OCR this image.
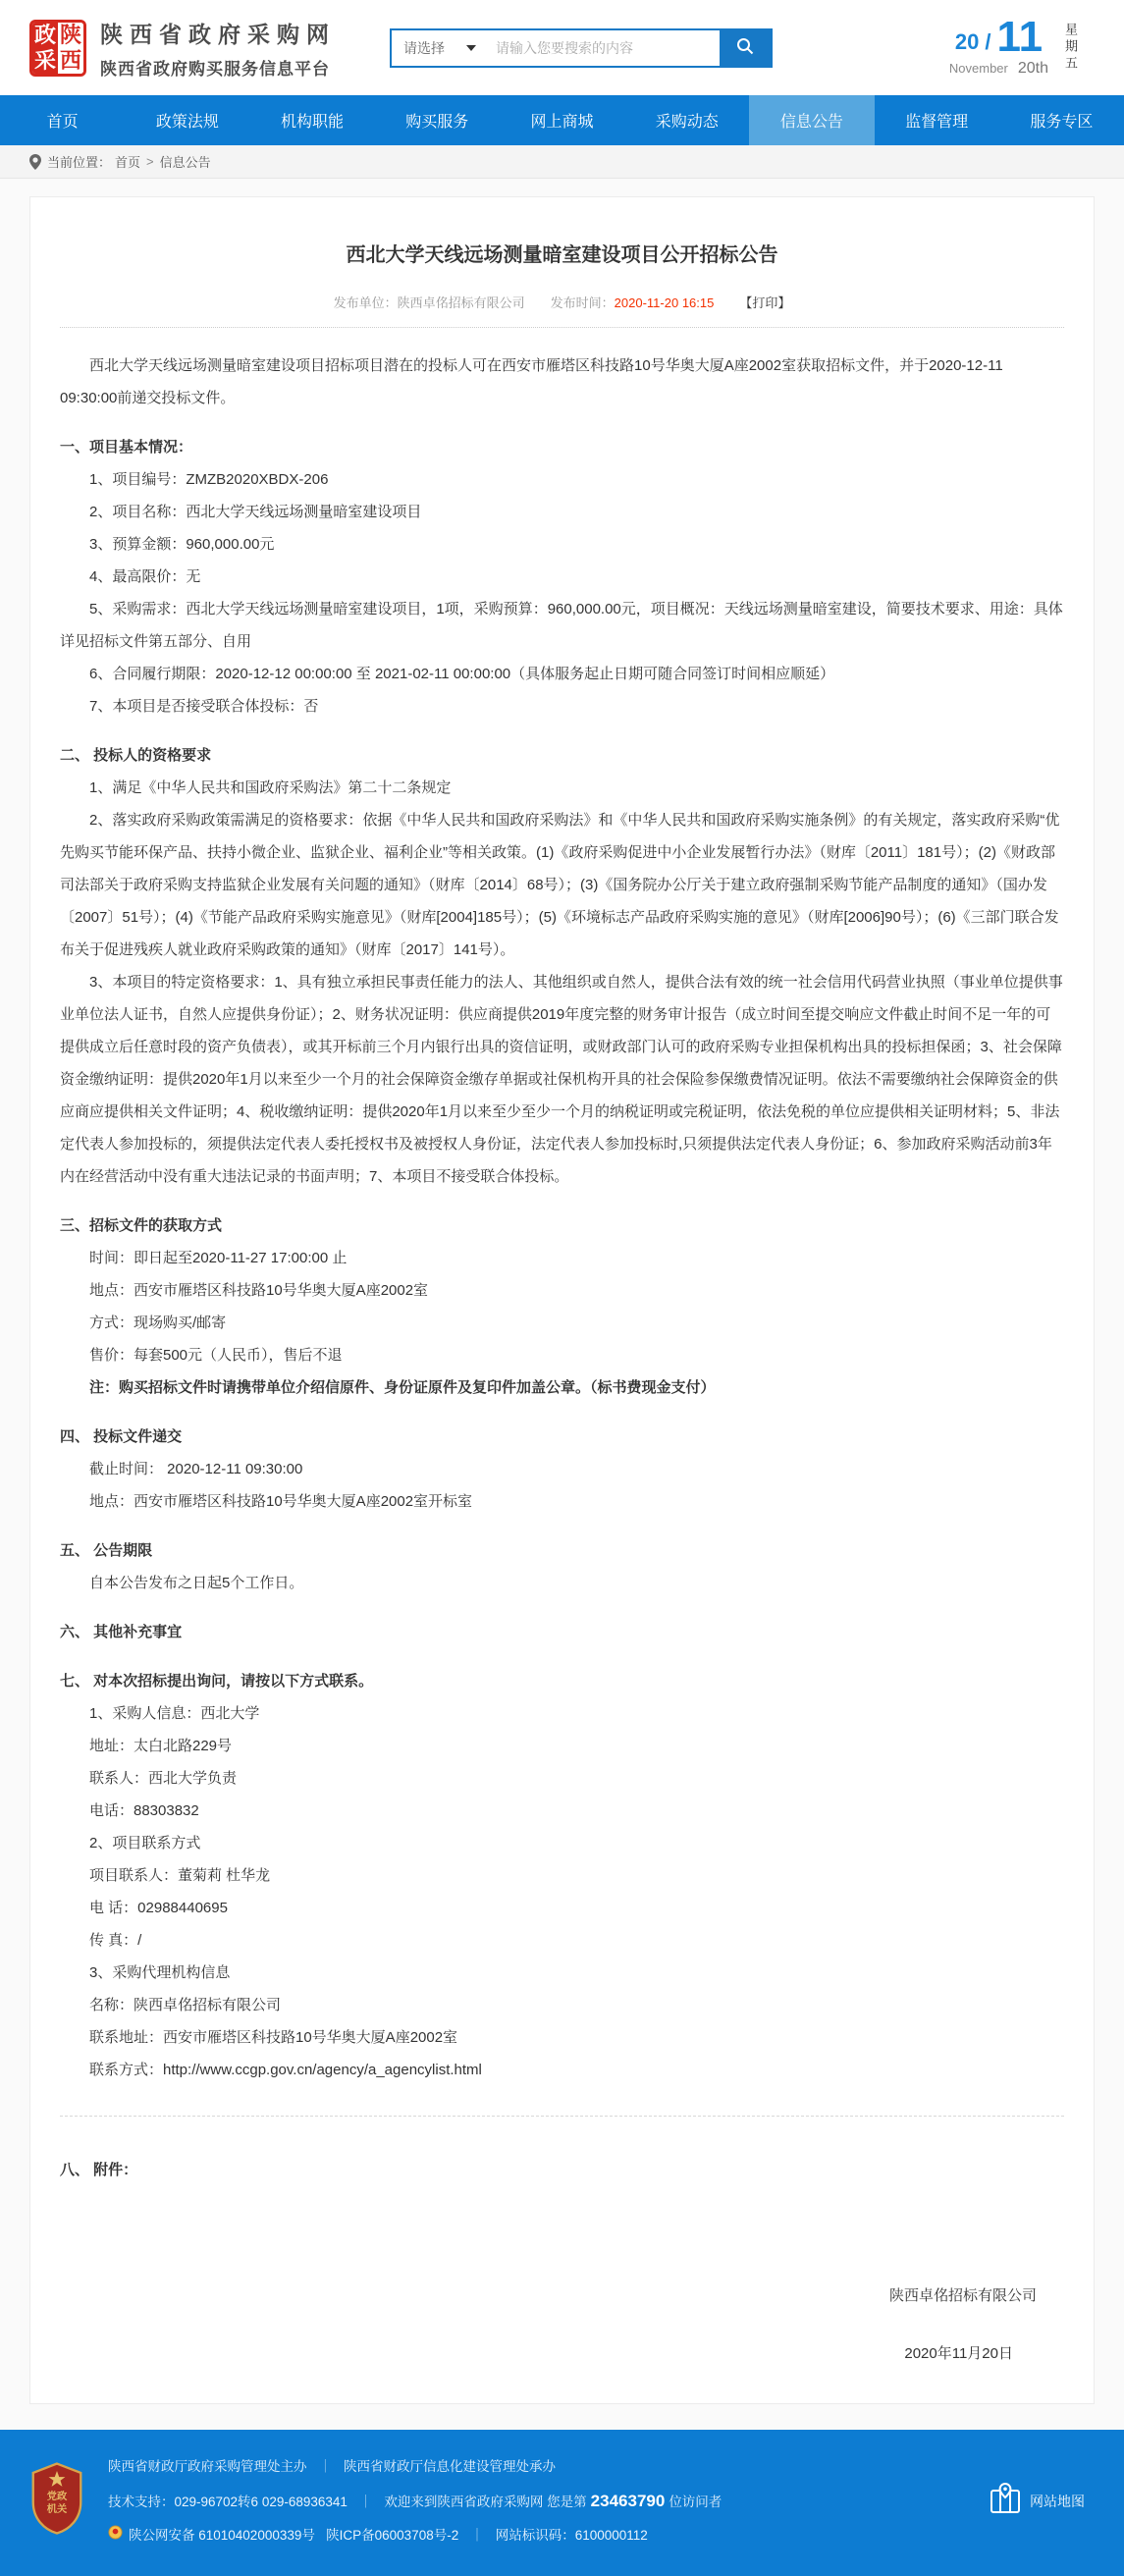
政 陕
采 西
陕西省政府采购网
陕西省政府购买服务信息平台
请选择
请输入您要搜索的内容	20 / 11
November 20th 星期五
首页	政策法规	机构职能	购买服务	网上商城	采购动态	信息公告	监督管理	服务专区
当前位置： 首页 > 信息公告
西北大学天线远场测量暗室建设项目公开招标公告
发布单位：陕西卓佲招标有限公司 发布时间：2020-11-20 16:15 【打印】

西北大学天线远场测量暗室建设项目招标项目潜在的投标人可在西安市雁塔区科技路10号华奥大厦A座2002室获取招标文件，并于2020-12-11 09:30:00前递交投标文件。

一、项目基本情况：

1、项目编号：ZMZB2020XBDX-206

2、项目名称：西北大学天线远场测量暗室建设项目

3、预算金额：960,000.00元

4、最高限价：无

5、采购需求：西北大学天线远场测量暗室建设项目，1项，采购预算：960,000.00元，项目概况：天线远场测量暗室建设，简要技术要求、用途：具体详见招标文件第五部分、自用

6、合同履行期限：2020-12-12 00:00:00 至 2021-02-11 00:00:00（具体服务起止日期可随合同签订时间相应顺延）

7、本项目是否接受联合体投标：否

二、 投标人的资格要求

1、满足《中华人民共和国政府采购法》第二十二条规定

2、落实政府采购政策需满足的资格要求：依据《中华人民共和国政府采购法》和《中华人民共和国政府采购实施条例》的有关规定，落实政府采购“优先购买节能环保产品、扶持小微企业、监狱企业、福利企业”等相关政策。(1)《政府采购促进中小企业发展暂行办法》（财库〔2011〕181号）；(2)《财政部 司法部关于政府采购支持监狱企业发展有关问题的通知》（财库〔2014〕68号）；(3)《国务院办公厅关于建立政府强制采购节能产品制度的通知》（国办发〔2007〕51号）；(4)《节能产品政府采购实施意见》（财库[2004]185号）；(5)《环境标志产品政府采购实施的意见》（财库[2006]90号）；(6)《三部门联合发布关于促进残疾人就业政府采购政策的通知》（财库〔2017〕141号）。

3、本项目的特定资格要求：1、具有独立承担民事责任能力的法人、其他组织或自然人，提供合法有效的统一社会信用代码营业执照（事业单位提供事业单位法人证书，自然人应提供身份证）；2、财务状况证明：供应商提供2019年度完整的财务审计报告（成立时间至提交响应文件截止时间不足一年的可提供成立后任意时段的资产负债表），或其开标前三个月内银行出具的资信证明，或财政部门认可的政府采购专业担保机构出具的投标担保函；3、社会保障资金缴纳证明：提供2020年1月以来至少一个月的社会保障资金缴存单据或社保机构开具的社会保险参保缴费情况证明。依法不需要缴纳社会保障资金的供应商应提供相关文件证明；4、税收缴纳证明：提供2020年1月以来至少至少一个月的纳税证明或完税证明，依法免税的单位应提供相关证明材料；5、非法定代表人参加投标的，须提供法定代表人委托授权书及被授权人身份证，法定代表人参加投标时,只须提供法定代表人身份证；6、参加政府采购活动前3年内在经营活动中没有重大违法记录的书面声明；7、本项目不接受联合体投标。

三、招标文件的获取方式

时间：即日起至2020-11-27 17:00:00 止

地点：西安市雁塔区科技路10号华奥大厦A座2002室

方式：现场购买/邮寄

售价：每套500元（人民币），售后不退

注：购买招标文件时请携带单位介绍信原件、身份证原件及复印件加盖公章。（标书费现金支付）

四、 投标文件递交

截止时间： 2020-12-11 09:30:00

地点：西安市雁塔区科技路10号华奥大厦A座2002室开标室

五、 公告期限

自本公告发布之日起5个工作日。

六、 其他补充事宜
七、 对本次招标提出询问，请按以下方式联系。

1、采购人信息：西北大学

地址：太白北路229号

联系人：西北大学负责

电话：88303832

2、项目联系方式

项目联系人：董菊莉 杜华龙

电 话：02988440695

传 真：/

3、采购代理机构信息

名称：陕西卓佲招标有限公司

联系地址：西安市雁塔区科技路10号华奥大厦A座2002室

联系方式：http://www.ccgp.gov.cn/agency/a_agencylist.html

八、 附件：
陕西卓佲招标有限公司
2020年11月20日
党政
机关
陕西省财政厅政府采购管理处主办 ｜ 陕西省财政厅信息化建设管理处承办
技术支持：029-96702转6 029-68936341 ｜ 欢迎来到陕西省政府采购网 您是第 23463790 位访问者
陕公网安备 61010402000339号 陕ICP备06003708号-2 ｜ 网站标识码：6100000112
网站地图
